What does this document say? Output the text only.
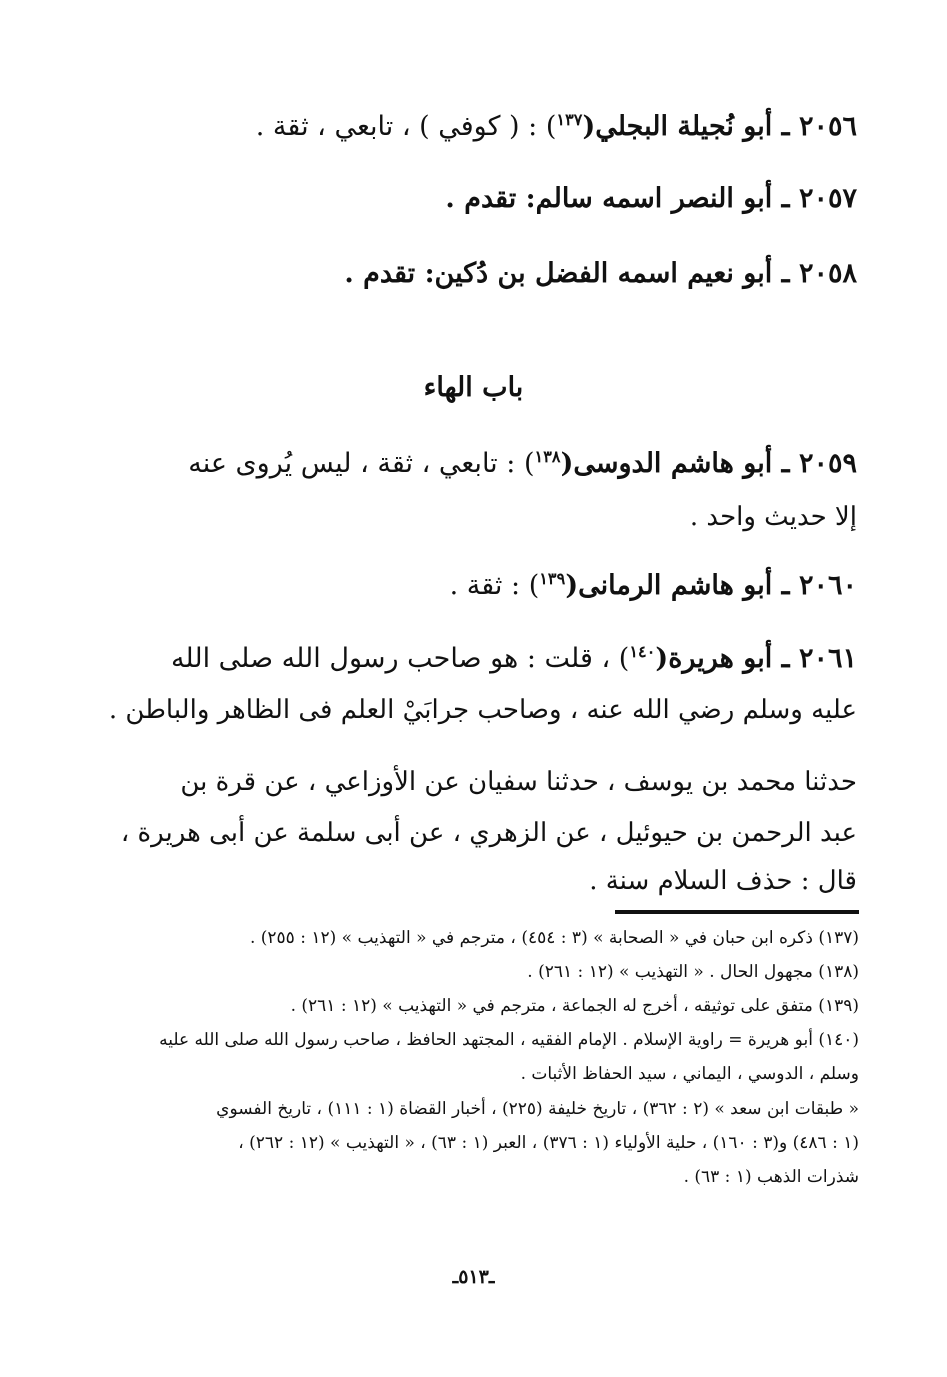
٢٠٥٦ ـ أبو نُجيلة البجلي($^{١٣٧}$) : ( كوفي ) ، تابعي ، ثقة .
٢٠٥٧ ـ أبو النصر اسمه سالم: تقدم .
٢٠٥٨ ـ أبو نعيم اسمه الفضل بن دُكين: تقدم .
باب الهاء
٢٠٥٩ ـ أبو هاشم الدوسى($^{١٣٨}$) : تابعي ، ثقة ، ليس يُروى عنه
إلا حديث واحد .
٢٠٦٠ ـ أبو هاشم الرمانى($^{١٣٩}$) : ثقة .
٢٠٦١ ـ أبو هريرة($^{١٤٠}$) ، قلت : هو صاحب رسول الله صلى الله
عليه وسلم رضي الله عنه ، وصاحب جرابَيْ العلم فى الظاهر والباطن .
حدثنا محمد بن يوسف ، حدثنا سفيان عن الأوزاعي ، عن قرة بن
عبد الرحمن بن حيوئيل ، عن الزهري ، عن أبى سلمة عن أبى هريرة ،
قال : حذف السلام سنة .
(١٣٧) ذكره ابن حبان في « الصحابة » (٣ : ٤٥٤) ، مترجم في « التهذيب » (١٢ : ٢٥٥) .
(١٣٨) مجهول الحال . « التهذيب » (١٢ : ٢٦١) .
(١٣٩) متفق على توثيقه ، أخرج له الجماعة ، مترجم في « التهذيب » (١٢ : ٢٦١) .
(١٤٠) أبو هريرة = راوية الإسلام . الإمام الفقيه ، المجتهد الحافظ ، صاحب رسول الله صلى الله عليه
وسلم ، الدوسي ، اليماني ، سيد الحفاظ الأثبات .
« طبقات ابن سعد » (٢ : ٣٦٢) ، تاريخ خليفة (٢٢٥) ، أخبار القضاة (١ : ١١١) ، تاريخ الفسوي
(١ : ٤٨٦) و(٣ : ١٦٠) ، حلية الأولياء (١ : ٣٧٦) ، العبر (١ : ٦٣) ، « التهذيب » (١٢ : ٢٦٢) ،
شذرات الذهب (١ : ٦٣) .
ـ٥١٣ـ
